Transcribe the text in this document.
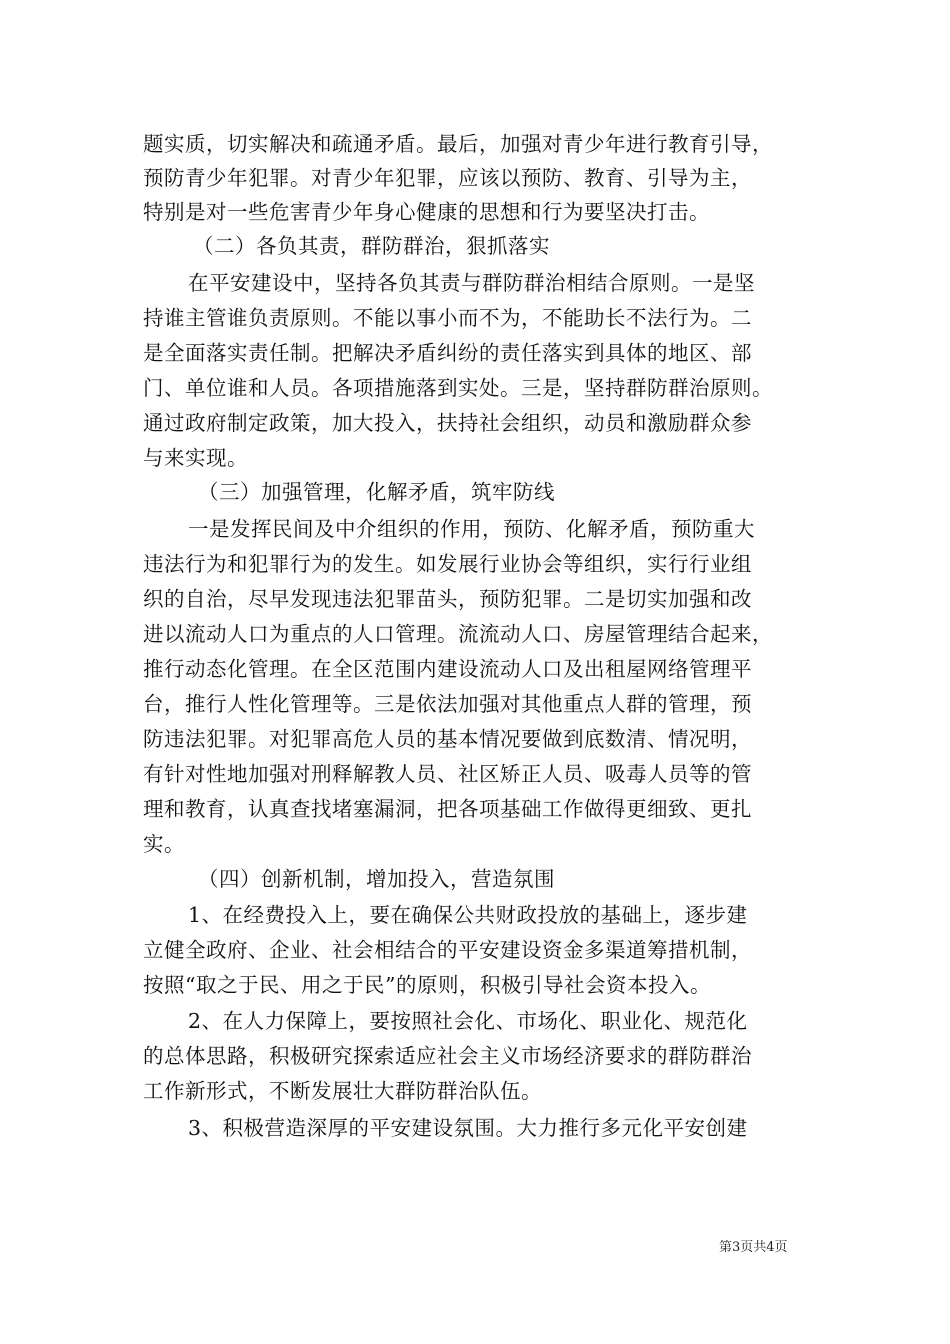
题实质，切实解决和疏通矛盾。最后，加强对青少年进行教育引导，
预防青少年犯罪。对青少年犯罪，应该以预防、教育、引导为主，
特别是对一些危害青少年身心健康的思想和行为要坚决打击。
（二）各负其责，群防群治，狠抓落实
在平安建设中，坚持各负其责与群防群治相结合原则。一是坚
持谁主管谁负责原则。不能以事小而不为，不能助长不法行为。二
是全面落实责任制。把解决矛盾纠纷的责任落实到具体的地区、部
门、单位谁和人员。各项措施落到实处。三是，坚持群防群治原则。
通过政府制定政策，加大投入，扶持社会组织，动员和激励群众参
与来实现。
（三）加强管理，化解矛盾，筑牢防线
一是发挥民间及中介组织的作用，预防、化解矛盾，预防重大
违法行为和犯罪行为的发生。如发展行业协会等组织，实行行业组
织的自治，尽早发现违法犯罪苗头，预防犯罪。二是切实加强和改
进以流动人口为重点的人口管理。流流动人口、房屋管理结合起来，
推行动态化管理。在全区范围内建设流动人口及出租屋网络管理平
台，推行人性化管理等。三是依法加强对其他重点人群的管理，预
防违法犯罪。对犯罪高危人员的基本情况要做到底数清、情况明，
有针对性地加强对刑释解教人员、社区矫正人员、吸毒人员等的管
理和教育，认真查找堵塞漏洞，把各项基础工作做得更细致、更扎
实。
（四）创新机制，增加投入，营造氛围
1、在经费投入上，要在确保公共财政投放的基础上，逐步建
立健全政府、企业、社会相结合的平安建设资金多渠道筹措机制，
按照“取之于民、用之于民”的原则，积极引导社会资本投入。
2、在人力保障上，要按照社会化、市场化、职业化、规范化
的总体思路，积极研究探索适应社会主义市场经济要求的群防群治
工作新形式，不断发展壮大群防群治队伍。
3、积极营造深厚的平安建设氛围。大力推行多元化平安创建
第3页共4页
